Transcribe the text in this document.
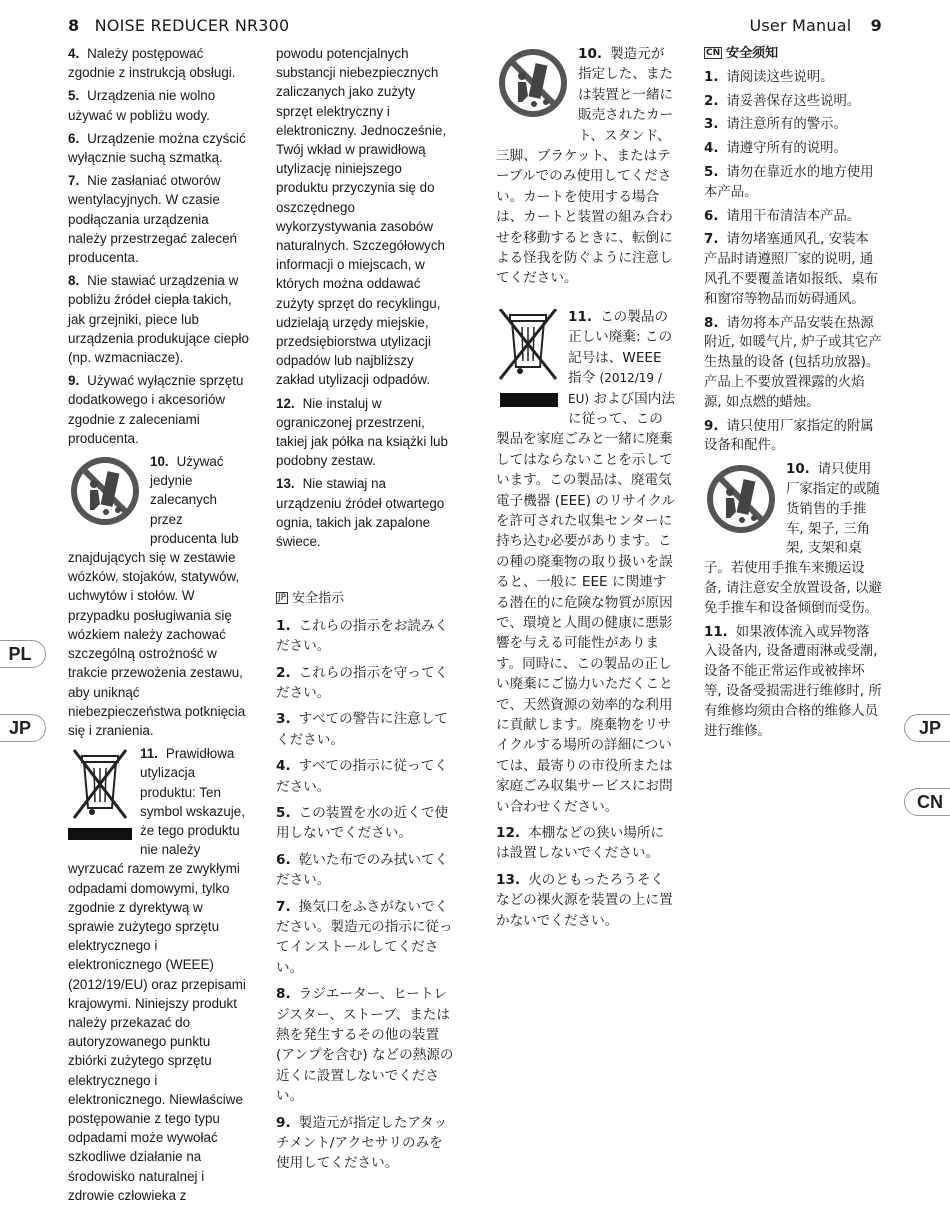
8 NOISE REDUCER NR300	User Manual 9
PL
JP	JP
CN

4. Należy postępować zgodnie z instrukcją obsługi.

5. Urządzenia nie wolno używać w pobliżu wody.

6. Urządzenie można czyścić wyłącznie suchą szmatką.

7. Nie zasłaniać otworów wentylacyjnych. W czasie podłączania urządzenia należy przestrzegać zaleceń producenta.

8. Nie stawiać urządzenia w pobliżu źródeł ciepła takich, jak grzejniki, piece lub urządzenia produkujące ciepło (np. wzmacniacze).

9. Używać wyłącznie sprzętu dodatkowego i akcesoriów zgodnie z zaleceniami producenta.

10. Używać jedynie zalecanych przez producenta lub znajdujących się w zestawie wózków, stojaków, statywów, uchwytów i stołów. W przypadku posługiwania się wózkiem należy zachować szczególną ostrożność w trakcie przewożenia zestawu, aby uniknąć niebezpieczeństwa potknięcia się i zranienia.

11. Prawidłowa utylizacja produktu: Ten symbol wskazuje, że tego produktu nie należy wyrzucać razem ze zwykłymi odpadami domowymi, tylko zgodnie z dyrektywą w sprawie zużytego sprzętu elektrycznego i elektronicznego (WEEE) (2012/19/EU) oraz przepisami krajowymi. Niniejszy produkt należy przekazać do autoryzowanego punktu zbiórki zużytego sprzętu elektrycznego i elektronicznego. Niewłaściwe postępowanie z tego typu odpadami może wywołać szkodliwe działanie na środowisko naturalnej i zdrowie człowieka z

powodu potencjalnych substancji niebezpiecznych zaliczanych jako zużyty sprzęt elektryczny i elektroniczny. Jednocześnie, Twój wkład w prawidłową utylizację niniejszego produktu przyczynia się do oszczędnego wykorzystywania zasobów naturalnych. Szczegółowych informacji o miejscach, w których można oddawać zużyty sprzęt do recyklingu, udzielają urzędy miejskie, przedsiębiorstwa utylizacji odpadów lub najbliższy zakład utylizacji odpadów.

12. Nie instaluj w ograniczonej przestrzeni, takiej jak półka na książki lub podobny zestaw.

13. Nie stawiaj na urządzeniu źródeł otwartego ognia, takich jak zapalone świece.

JP 安全指示

1. これらの指示をお読みください。

2. これらの指示を守ってください。

3. すべての警告に注意してください。

4. すべての指示に従ってください。

5. この装置を水の近くで使用しないでください。

6. 乾いた布でのみ拭いてください。

7. 換気口をふさがないでください。製造元の指示に従ってインストールしてください。

8. ラジエーター、ヒートレジスター、ストーブ、または熱を発生するその他の装置 (アンプを含む) などの熱源の近くに設置しないでください。

9. 製造元が指定したアタッチメント/アクセサリのみを使用してください。

10. 製造元が指定した、または装置と一緒に販売されたカート、スタンド、三脚、ブラケット、またはテーブルでのみ使用してください。カートを使用する場合は、カートと装置の組み合わせを移動するときに、転倒による怪我を防ぐように注意してください。

11. この製品の正しい廃棄: この記号は、WEEE 指令 (2012/19 / EU) および国内法に従って、この製品を家庭ごみと一緒に廃棄してはならないことを示しています。この製品は、廃電気電子機器 (EEE) のリサイクルを許可された収集センターに持ち込む必要があります。この種の廃棄物の取り扱いを誤ると、一般に EEE に関連する潜在的に危険な物質が原因で、環境と人間の健康に悪影響を与える可能性があります。同時に、この製品の正しい廃棄にご協力いただくことで、天然資源の効率的な利用に貢献します。廃棄物をリサイクルする場所の詳細については、最寄りの市役所または家庭ごみ収集サービスにお問い合わせください。

12. 本棚などの狭い場所には設置しないでください。

13. 火のともったろうそくなどの裸火源を装置の上に置かないでください。

CN 安全须知

1. 请阅读这些说明。

2. 请妥善保存这些说明。

3. 请注意所有的警示。

4. 请遵守所有的说明。

5. 请勿在靠近水的地方使用本产品。

6. 请用干布清洁本产品。

7. 请勿堵塞通风孔, 安装本产品时请遵照厂家的说明, 通风孔不要覆盖诸如报纸、桌布和窗帘等物品而妨碍通风。

8. 请勿将本产品安装在热源附近, 如暖气片, 炉子或其它产生热量的设备 (包括功放器)。产品上不要放置裸露的火焰源, 如点燃的蜡烛。

9. 请只使用厂家指定的附属设备和配件。

10. 请只使用厂家指定的或随货销售的手推车, 架子, 三角架, 支架和桌子。若使用手推车来搬运设备, 请注意安全放置设备, 以避免手推车和设备倾倒而受伤。

11. 如果液体流入或异物落入设备内, 设备遭雨淋或受潮, 设备不能正常运作或被摔坏等, 设备受损需进行维修时, 所有维修均须由合格的维修人员进行维修。
